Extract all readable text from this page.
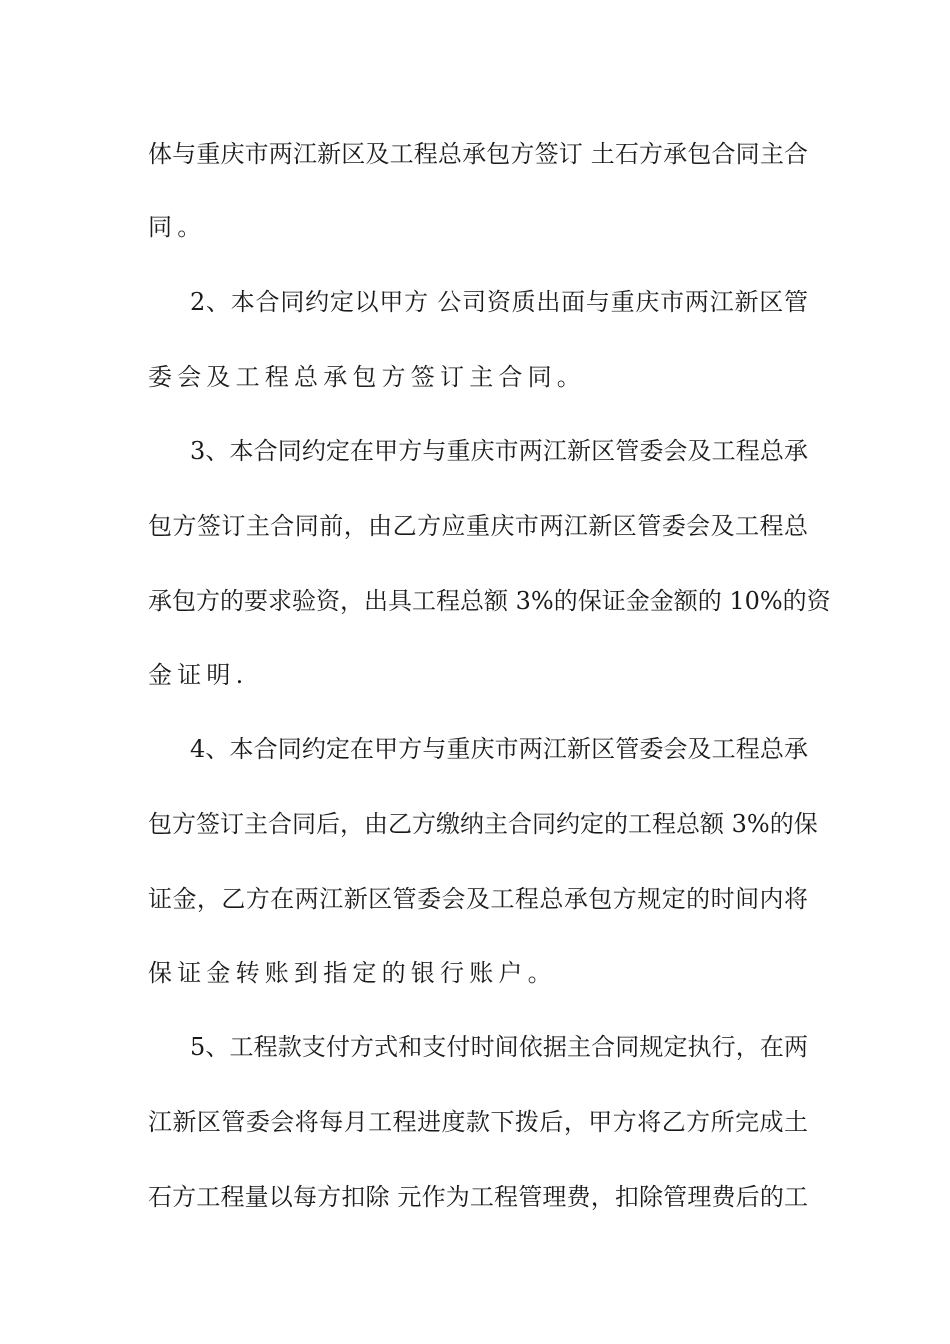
体与重庆市两江新区及工程总承包方签订 土石方承包合同主合
同。
2、本合同约定以甲方 公司资质出面与重庆市两江新区管
委会及工程总承包方签订主合同。
3、本合同约定在甲方与重庆市两江新区管委会及工程总承
包方签订主合同前，由乙方应重庆市两江新区管委会及工程总
承包方的要求验资，出具工程总额 3%的保证金金额的 10%的资
金证明.
4、本合同约定在甲方与重庆市两江新区管委会及工程总承
包方签订主合同后，由乙方缴纳主合同约定的工程总额 3%的保
证金，乙方在两江新区管委会及工程总承包方规定的时间内将
保证金转账到指定的银行账户。
5、工程款支付方式和支付时间依据主合同规定执行，在两
江新区管委会将每月工程进度款下拨后，甲方将乙方所完成土
石方工程量以每方扣除 元作为工程管理费，扣除管理费后的工
